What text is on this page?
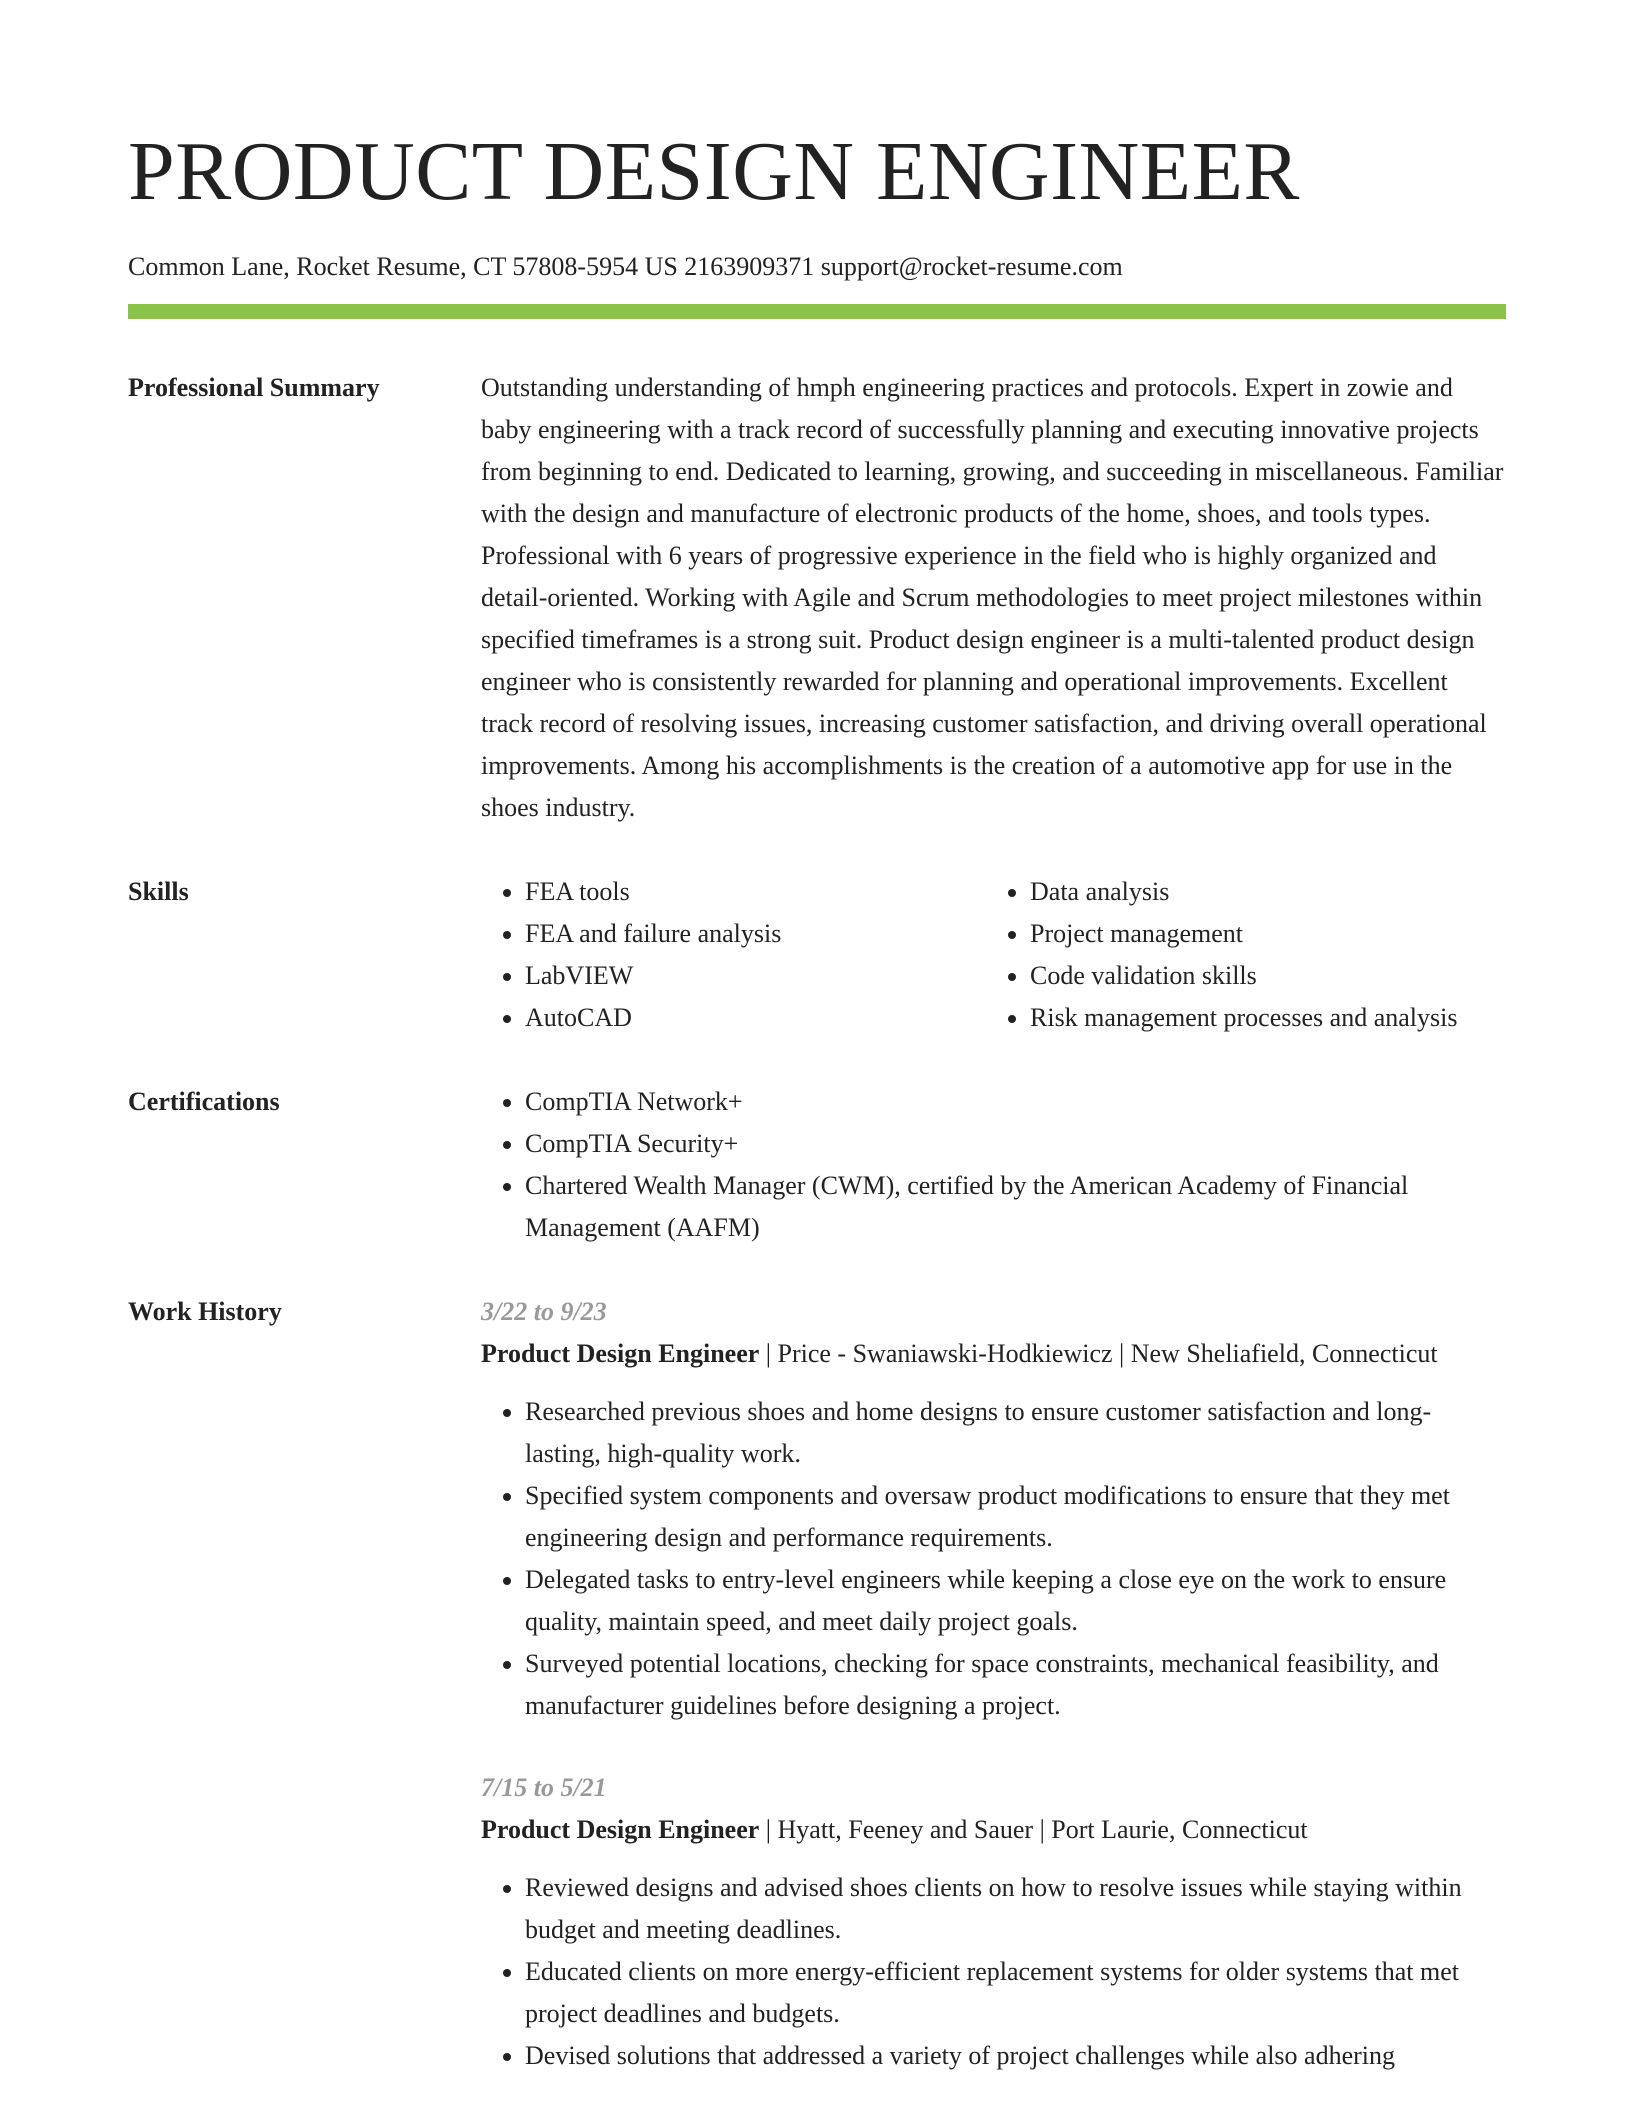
PRODUCT DESIGN ENGINEER
Common Lane, Rocket Resume, CT 57808-5954 US 2163909371 support@rocket-resume.com
Professional Summary	Outstanding understanding of hmph engineering practices and protocols. Expert in zowie and baby engineering with a track record of successfully planning and executing innovative projects from beginning to end. Dedicated to learning, growing, and succeeding in miscellaneous. Familiar with the design and manufacture of electronic products of the home, shoes, and tools types. Professional with 6 years of progressive experience in the field who is highly organized and detail-oriented. Working with Agile and Scrum methodologies to meet project milestones within specified timeframes is a strong suit. Product design engineer is a multi-talented product design engineer who is consistently rewarded for planning and operational improvements. Excellent track record of resolving issues, increasing customer satisfaction, and driving overall operational improvements. Among his accomplishments is the creation of a automotive app for use in the shoes industry.

Skills	• FEA tools
• FEA and failure analysis
• LabVIEW
• AutoCAD
• Data analysis
• Project management
• Code validation skills
• Risk management processes and analysis
Certifications	• CompTIA Network+
• CompTIA Security+
• Chartered Wealth Manager (CWM), certified by the American Academy of Financial Management (AAFM)
Work History	3/22 to 9/23
Product Design Engineer | Price - Swaniawski-Hodkiewicz | New Sheliafield, Connecticut
• Researched previous shoes and home designs to ensure customer satisfaction and long-lasting, high-quality work.
• Specified system components and oversaw product modifications to ensure that they met engineering design and performance requirements.
• Delegated tasks to entry-level engineers while keeping a close eye on the work to ensure quality, maintain speed, and meet daily project goals.
• Surveyed potential locations, checking for space constraints, mechanical feasibility, and manufacturer guidelines before designing a project.
7/15 to 5/21
Product Design Engineer | Hyatt, Feeney and Sauer | Port Laurie, Connecticut
• Reviewed designs and advised shoes clients on how to resolve issues while staying within budget and meeting deadlines.
• Educated clients on more energy-efficient replacement systems for older systems that met project deadlines and budgets.
• Devised solutions that addressed a variety of project challenges while also adhering
